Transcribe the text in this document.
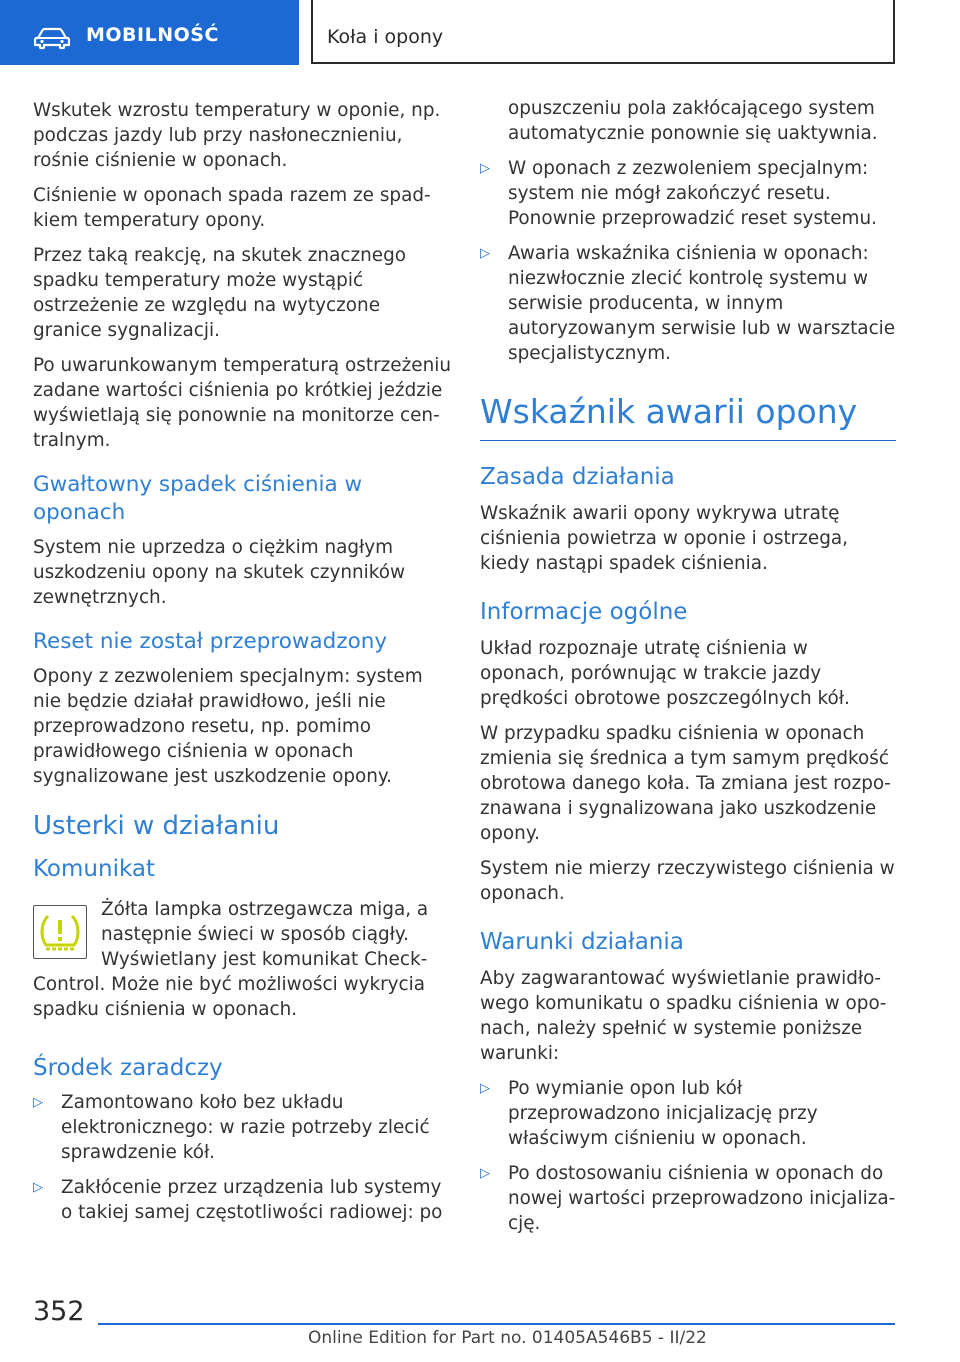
MOBILNOŚĆ	Koła i opony

Wskutek wzrostu temperatury w oponie, np. podczas jazdy lub przy nasłonecznieniu, rośnie ciśnienie w oponach.

Ciśnienie w oponach spada razem ze spadkiem temperatury opony.

Przez taką reakcję, na skutek znacznego spadku temperatury może wystąpić ostrzeżenie ze względu na wytyczone granice sygnalizacji.

Po uwarunkowanym temperaturą ostrzeżeniu zadane wartości ciśnienia po krótkiej jeździe wyświetlają się ponownie na monitorze centralnym.

Gwałtowny spadek ciśnienia w oponach

System nie uprzedza o ciężkim nagłym uszkodzeniu opony na skutek czynników zewnętrznych.

Reset nie został przeprowadzony

Opony z zezwoleniem specjalnym: system nie będzie działał prawidłowo, jeśli nie przeprowadzono resetu, np. pomimo prawidłowego ciśnienia w oponach sygnalizowane jest uszkodzenie opony.

Usterki w działaniu
Komunikat

Żółta lampka ostrzegawcza miga, a następnie świeci w sposób ciągły. Wyświetlany jest komunikat Check-Control. Może nie być możliwości wykrycia spadku ciśnienia w oponach.

Środek zaradczy
▷ Zamontowano koło bez układu elektronicznego: w razie potrzeby zlecić sprawdzenie kół.
▷ Zakłócenie przez urządzenia lub systemy o takiej samej częstotliwości radiowej: po
opuszczeniu pola zakłócającego system automatycznie ponownie się uaktywnia.
▷ W oponach z zezwoleniem specjalnym: system nie mógł zakończyć resetu. Ponownie przeprowadzić reset systemu.
▷ Awaria wskaźnika ciśnienia w oponach: niezwłocznie zlecić kontrolę systemu w serwisie producenta, w innym autoryzowanym serwisie lub w warsztacie specjalistycznym.
Wskaźnik awarii opony
Zasada działania

Wskaźnik awarii opony wykrywa utratę ciśnienia powietrza w oponie i ostrzega, kiedy nastąpi spadek ciśnienia.

Informacje ogólne

Układ rozpoznaje utratę ciśnienia w oponach, porównując w trakcie jazdy prędkości obrotowe poszczególnych kół.

W przypadku spadku ciśnienia w oponach zmienia się średnica a tym samym prędkość obrotowa danego koła. Ta zmiana jest rozpoznawana i sygnalizowana jako uszkodzenie opony.

System nie mierzy rzeczywistego ciśnienia w oponach.

Warunki działania

Aby zagwarantować wyświetlanie prawidłowego komunikatu o spadku ciśnienia w oponach, należy spełnić w systemie poniższe warunki:

▷ Po wymianie opon lub kół przeprowadzono inicjalizację przy właściwym ciśnieniu w oponach.
▷ Po dostosowaniu ciśnienia w oponach do nowej wartości przeprowadzono inicjalizację.
352
Online Edition for Part no. 01405A546B5 - II/22
